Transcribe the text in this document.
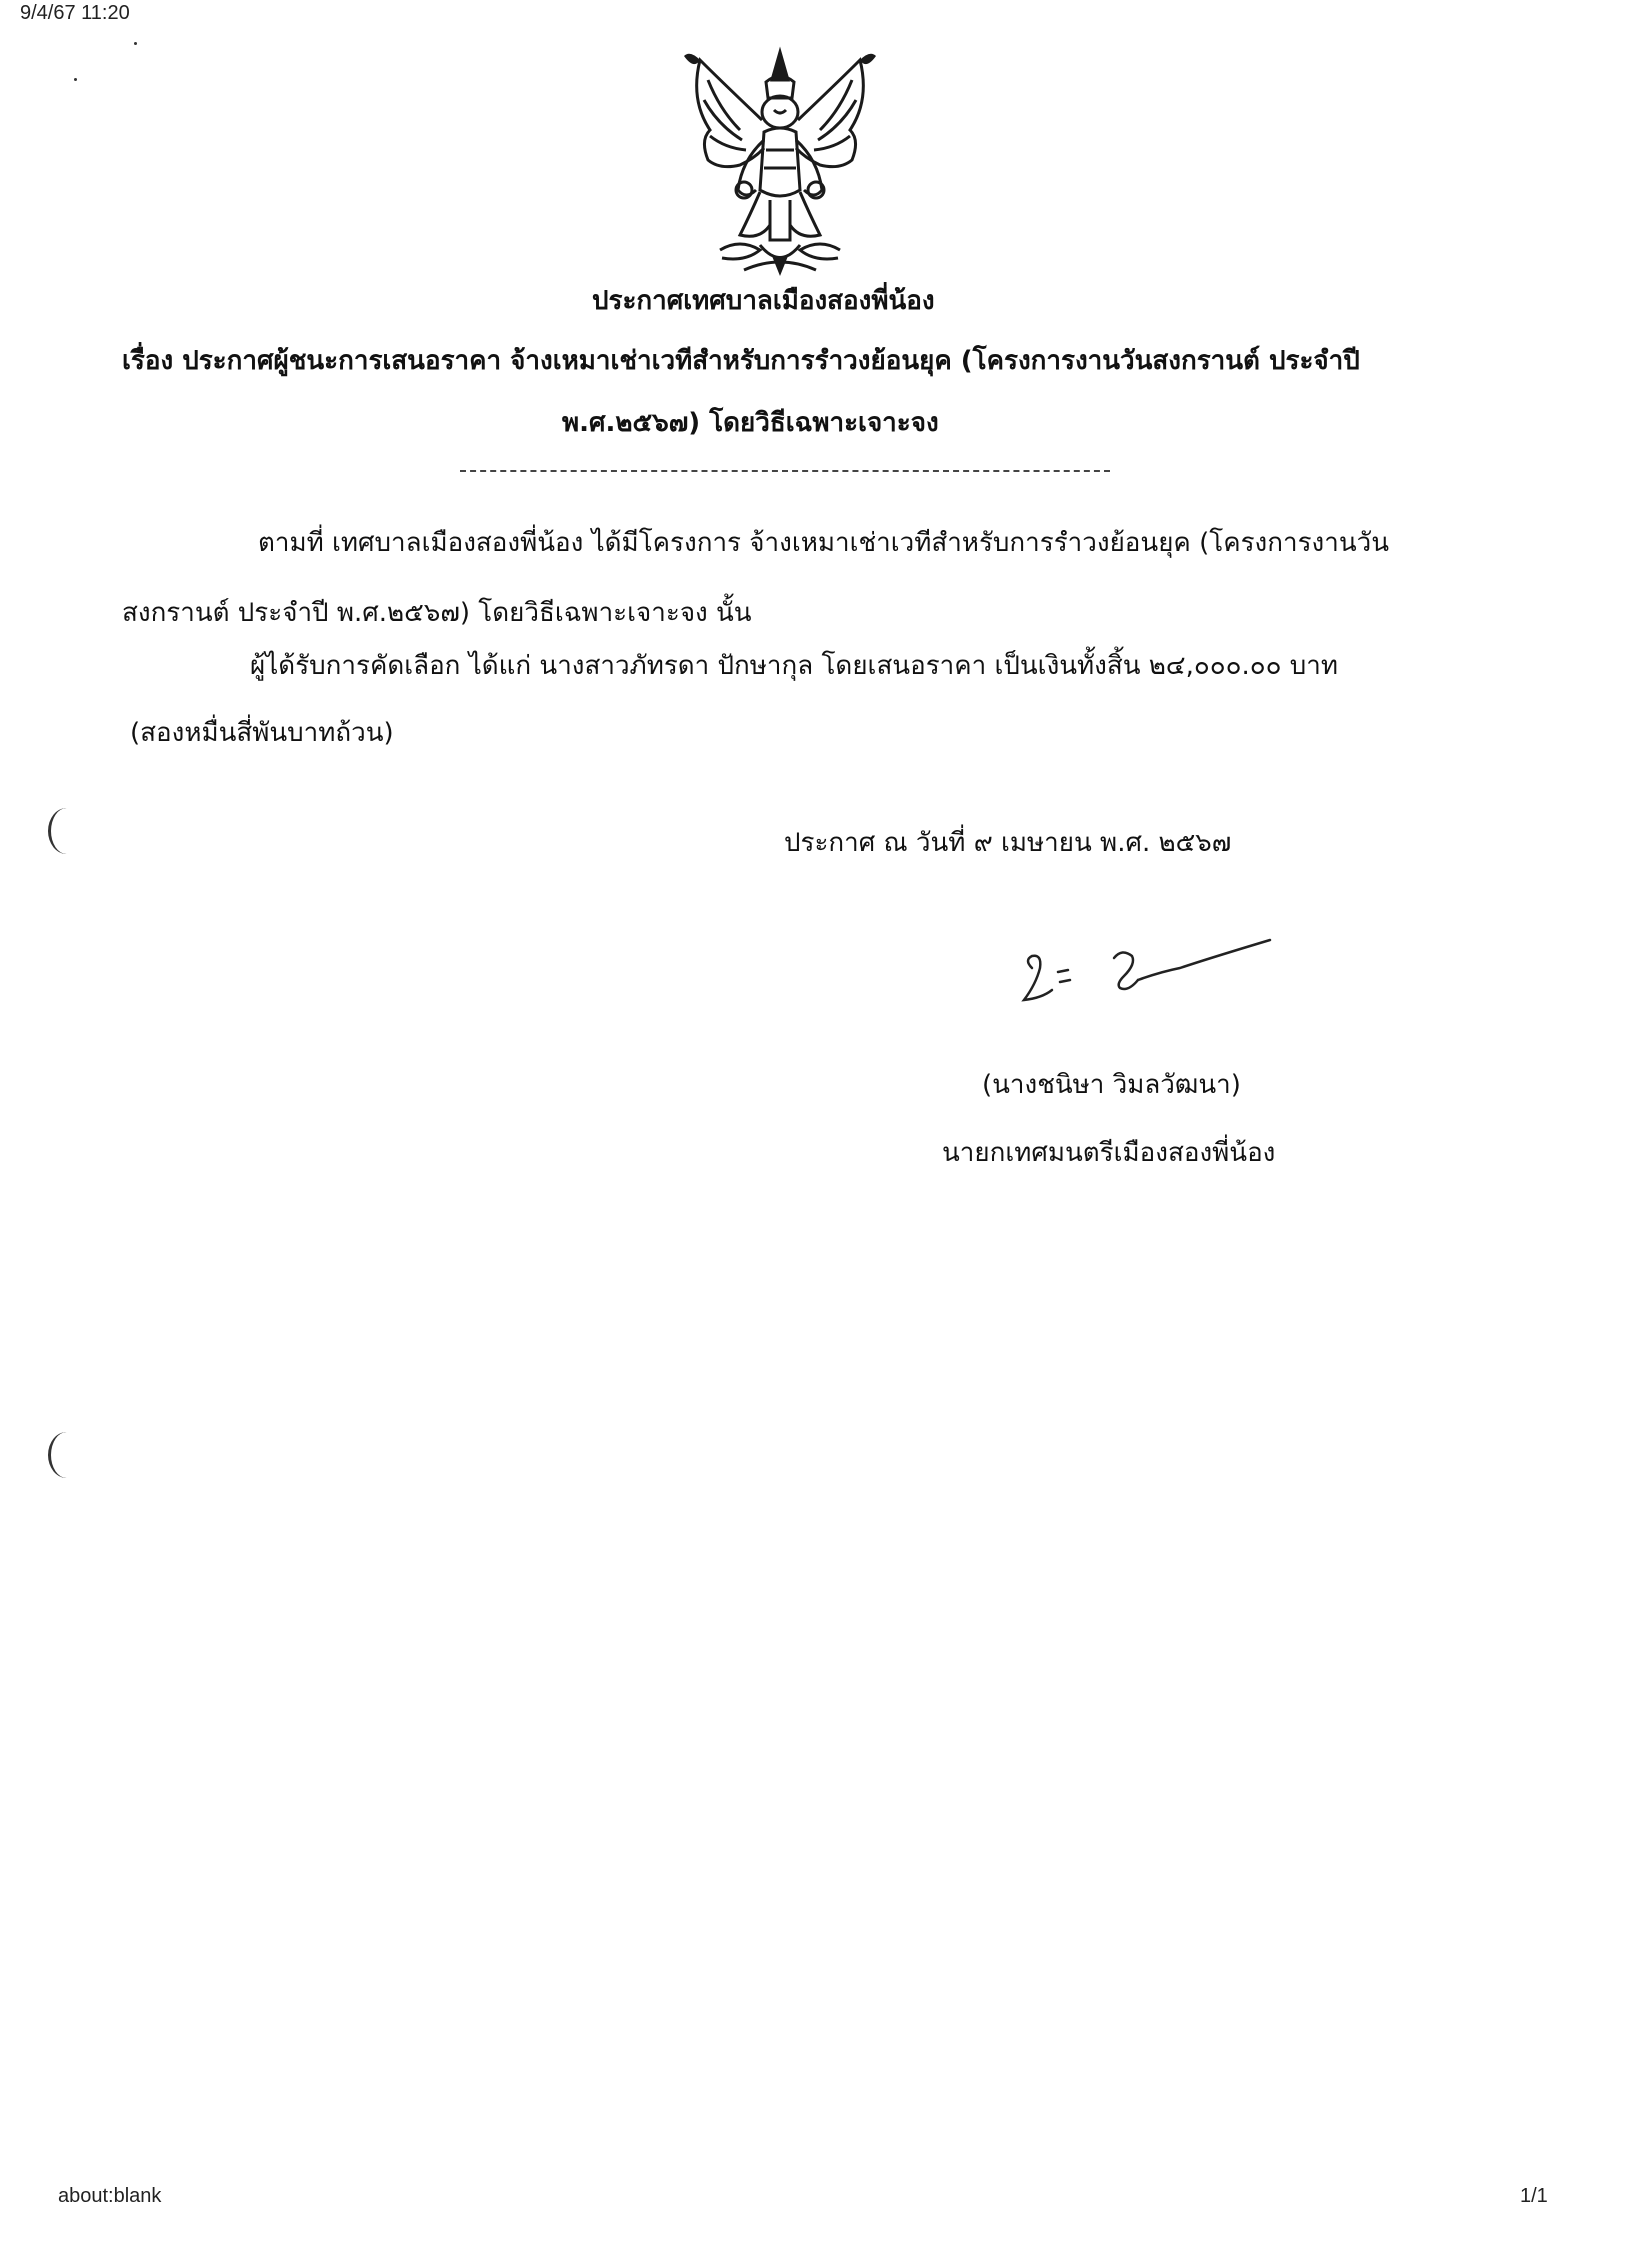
9/4/67 11:20
about:blank	1/1
ประกาศเทศบาลเมืองสองพี่น้อง
เรื่อง ประกาศผู้ชนะการเสนอราคา จ้างเหมาเช่าเวทีสำหรับการรำวงย้อนยุค (โครงการงานวันสงกรานต์ ประจำปี
พ.ศ.๒๕๖๗) โดยวิธีเฉพาะเจาะจง
ตามที่ เทศบาลเมืองสองพี่น้อง ได้มีโครงการ จ้างเหมาเช่าเวทีสำหรับการรำวงย้อนยุค (โครงการงานวัน
สงกรานต์ ประจำปี พ.ศ.๒๕๖๗) โดยวิธีเฉพาะเจาะจง นั้น
ผู้ได้รับการคัดเลือก ได้แก่ นางสาวภัทรดา ปักษากุล โดยเสนอราคา เป็นเงินทั้งสิ้น ๒๔,๐๐๐.๐๐ บาท
(สองหมื่นสี่พันบาทถ้วน)
ประกาศ ณ วันที่ ๙ เมษายน พ.ศ. ๒๕๖๗
(นางชนิษา วิมลวัฒนา)
นายกเทศมนตรีเมืองสองพี่น้อง
